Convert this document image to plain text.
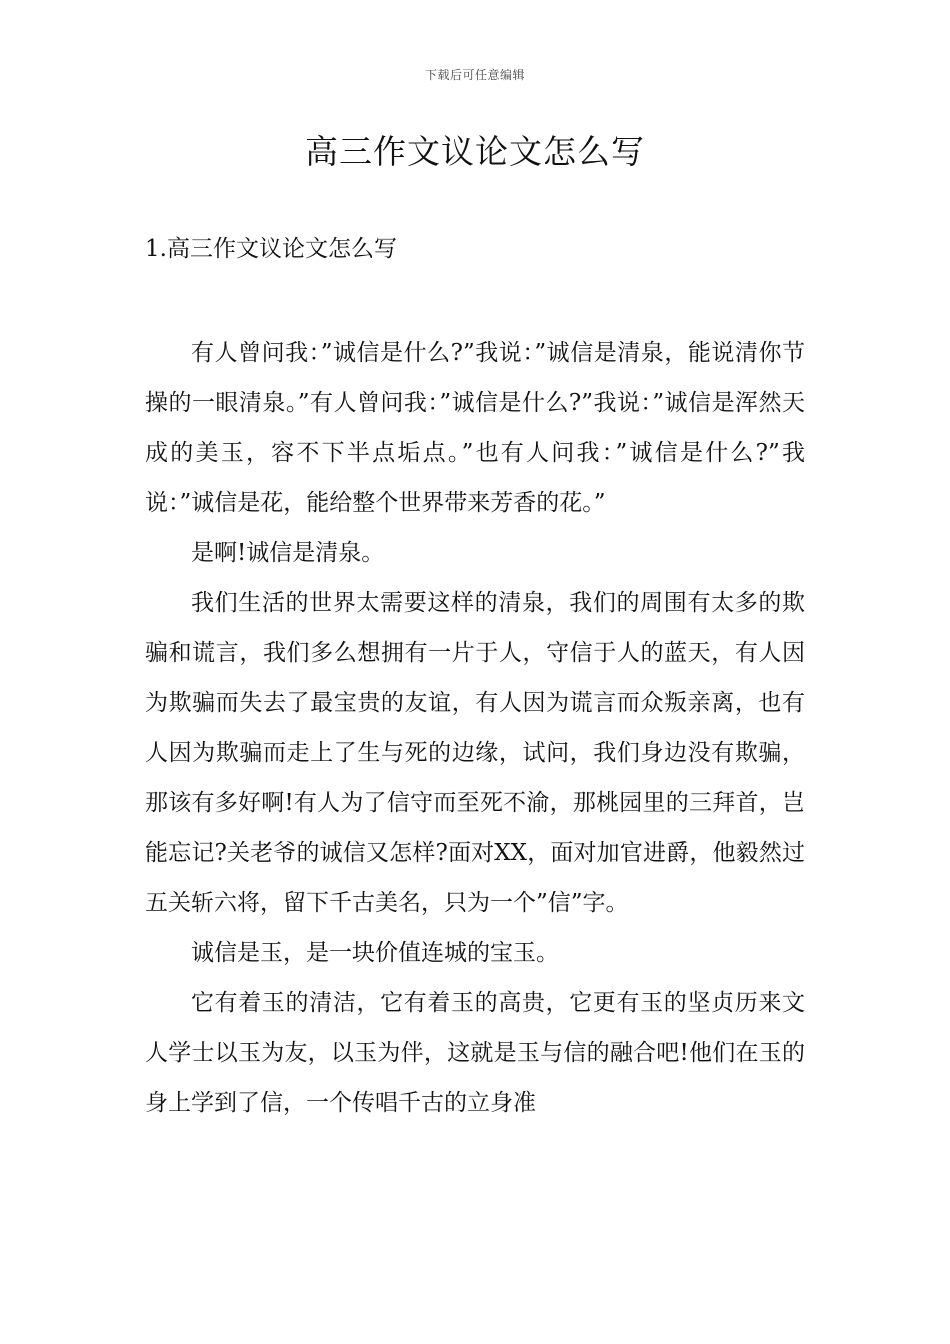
下载后可任意编辑
高三作文议论文怎么写
1.高三作文议论文怎么写

有人曾问我：”诚信是什么?”我说：”诚信是清泉，能说清你节操的一眼清泉。”有人曾问我：”诚信是什么?”我说：”诚信是浑然天成的美玉，容不下半点垢点。”也有人问我：”诚信是什么?”我说：”诚信是花，能给整个世界带来芳香的花。”

是啊!诚信是清泉。

我们生活的世界太需要这样的清泉，我们的周围有太多的欺骗和谎言，我们多么想拥有一片于人，守信于人的蓝天，有人因为欺骗而失去了最宝贵的友谊，有人因为谎言而众叛亲离，也有人因为欺骗而走上了生与死的边缘，试问，我们身边没有欺骗，那该有多好啊!有人为了信守而至死不渝，那桃园里的三拜首，岂能忘记?关老爷的诚信又怎样?面对XX，面对加官进爵，他毅然过五关斩六将，留下千古美名，只为一个”信”字。

诚信是玉，是一块价值连城的宝玉。

它有着玉的清洁，它有着玉的高贵，它更有玉的坚贞历来文人学士以玉为友，以玉为伴，这就是玉与信的融合吧!他们在玉的身上学到了信，一个传唱千古的立身准
